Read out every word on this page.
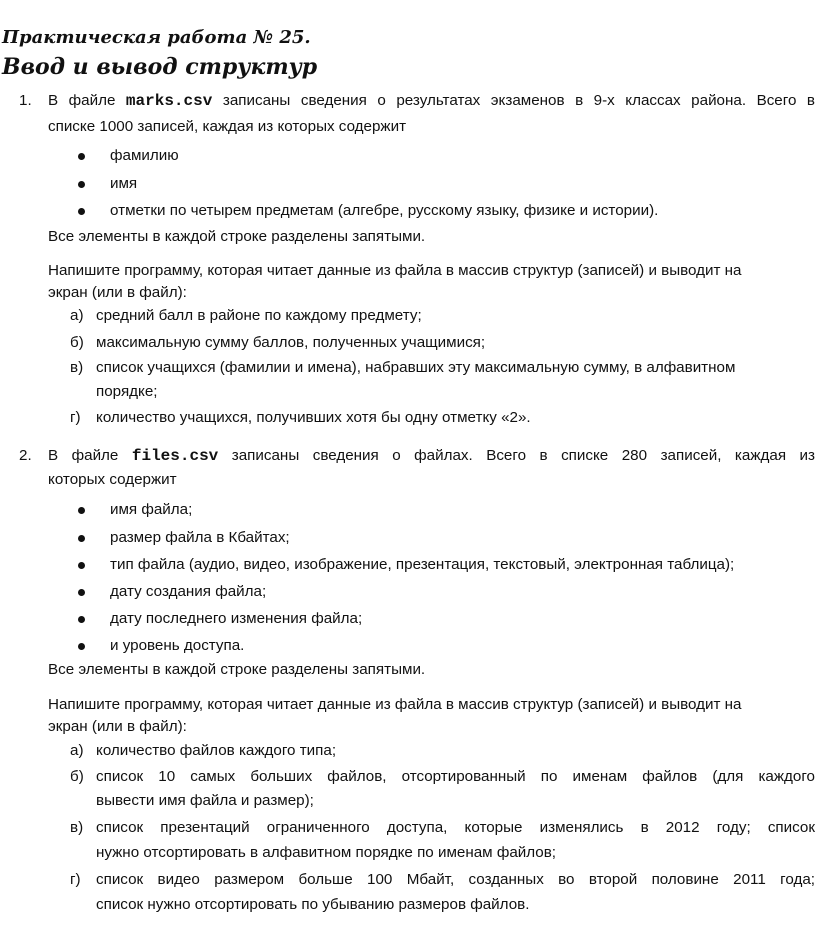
Практическая работа № 25.
Ввод и вывод структур
1. В файле marks.csv записаны сведения о результатах экзаменов в 9-х классах района. Всего в
списке 1000 записей, каждая из которых содержит
фамилию
имя
отметки по четырем предметам (алгебре, русскому языку, физике и истории).
Все элементы в каждой строке разделены запятыми.
Напишите программу, которая читает данные из файла в массив структур (записей) и выводит на
экран (или в файл):
а) средний балл в районе по каждому предмету;
б) максимальную сумму баллов, полученных учащимися;
в) список учащихся (фамилии и имена), набравших эту максимальную сумму, в алфавитном
порядке;
г) количество учащихся, получивших хотя бы одну отметку «2».
2. В файле files.csv записаны сведения о файлах. Всего в списке 280 записей, каждая из
которых содержит
имя файла;
размер файла в Кбайтах;
тип файла (аудио, видео, изображение, презентация, текстовый, электронная таблица);
дату создания файла;
дату последнего изменения файла;
и уровень доступа.
Все элементы в каждой строке разделены запятыми.
Напишите программу, которая читает данные из файла в массив структур (записей) и выводит на
экран (или в файл):
а) количество файлов каждого типа;
б) список 10 самых больших файлов, отсортированный по именам файлов (для каждого
вывести имя файла и размер);
в) список презентаций ограниченного доступа, которые изменялись в 2012 году; список
нужно отсортировать в алфавитном порядке по именам файлов;
г) список видео размером больше 100 Мбайт, созданных во второй половине 2011 года;
список нужно отсортировать по убыванию размеров файлов.
